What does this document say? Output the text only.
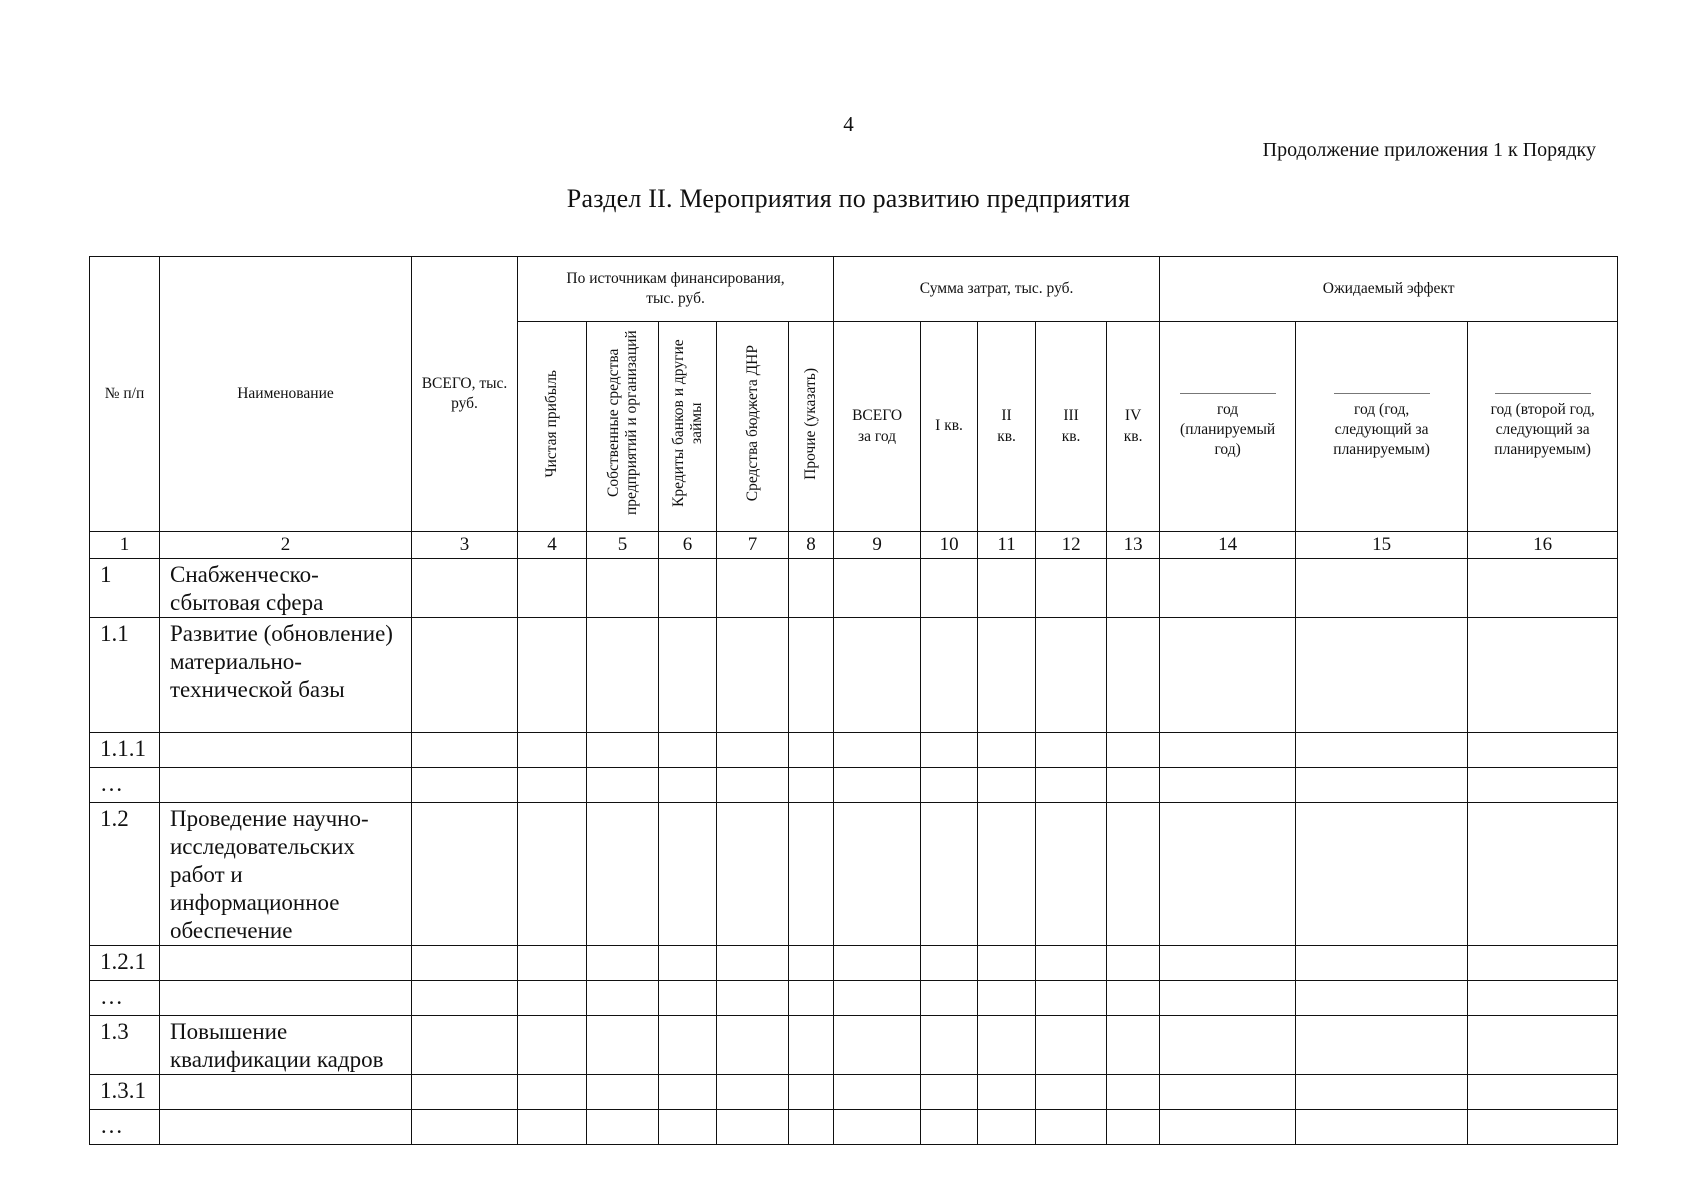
4
Продолжение приложения 1 к Порядку
Раздел II. Мероприятия по развитию предприятия
№ п/п	Наименование	ВСЕГО, тыс. руб.	По источникам финансирования, тыс. руб.					Сумма затрат, тыс. руб.					Ожидаемый эффект		
			Чистая прибыль	Собственные средства предприятий и организаций	Кредиты банков и другие займы	Средства бюджета ДНР	Прочие (указать)	ВСЕГО за год	I кв.	II кв.	III кв.	IV кв.	год (планируемый год)	год (год, следующий за планируемым)	год (второй год, следующий за планируемым)
1	2	3	4	5	6	7	8	9	10	11	12	13	14	15	16
1	Снабженческо-сбытовая сфера														
1.1	Развитие (обновление) материально-технической базы														
1.1.1															
…															
1.2	Проведение научно-исследовательских работ и информационное обеспечение														
1.2.1															
…															
1.3	Повышение квалификации кадров														
1.3.1															
…															
